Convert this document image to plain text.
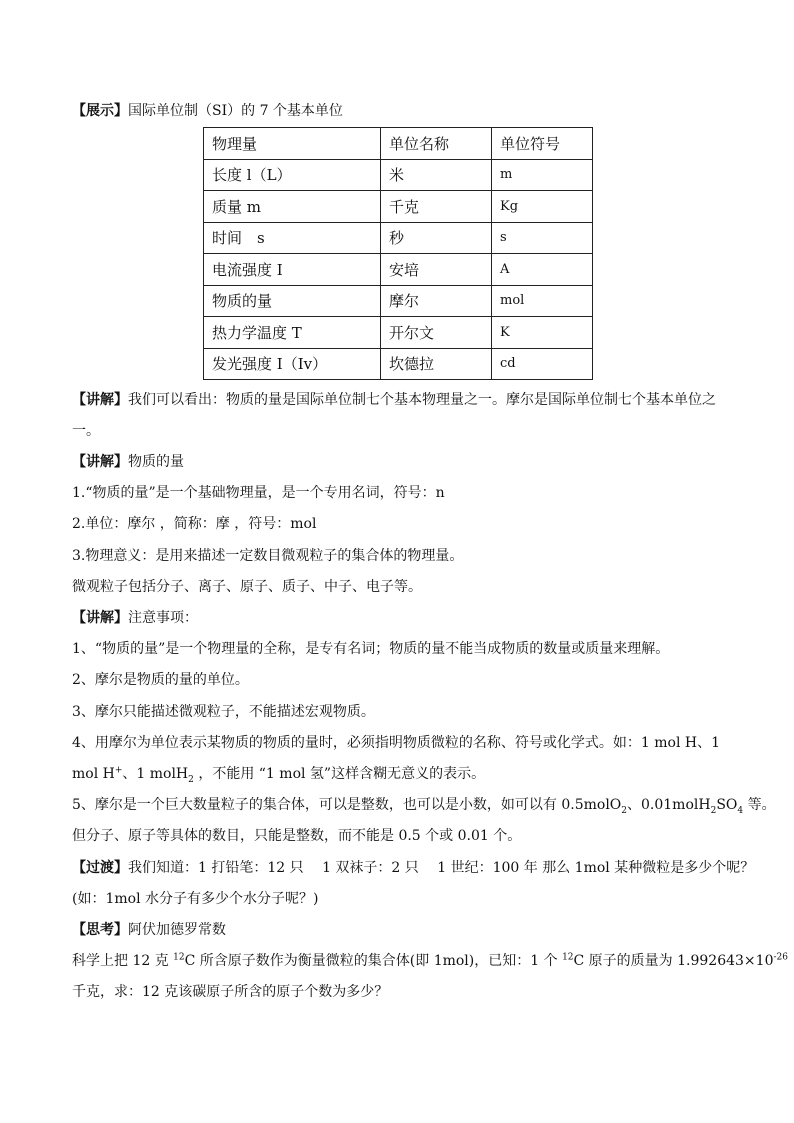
【展示】国际单位制（SI）的 7 个基本单位
物理量	单位名称	单位符号
长度 l（L）	米	m
质量 m	千克	Kg
时间　s	秒	s
电流强度 I	安培	A
物质的量	摩尔	mol
热力学温度 T	开尔文	K
发光强度 I（Iv）	坎德拉	cd
【讲解】我们可以看出：物质的量是国际单位制七个基本物理量之一。摩尔是国际单位制七个基本单位之
一。
【讲解】物质的量
1.“物质的量”是一个基础物理量，是一个专用名词，符号：n
2.单位：摩尔 ，简称：摩 ，符号：mol
3.物理意义：是用来描述一定数目微观粒子的集合体的物理量。
微观粒子包括分子、离子、原子、质子、中子、电子等。
【讲解】注意事项：
1、“物质的量”是一个物理量的全称，是专有名词；物质的量不能当成物质的数量或质量来理解。
2、摩尔是物质的量的单位。
3、摩尔只能描述微观粒子，不能描述宏观物质。
4、用摩尔为单位表示某物质的物质的量时，必须指明物质微粒的名称、符号或化学式。如：1 mol H、1
mol H+、1 molH$_2$ ，不能用 “1 mol 氢”这样含糊无意义的表示。
5、摩尔是一个巨大数量粒子的集合体，可以是整数，也可以是小数，如可以有 0.5molO$_2$、$0.01molH_2SO_4$ 等。
但分子、原子等具体的数目，只能是整数，而不能是 0.5 个或 0.01 个。
【过渡】我们知道：1 打铅笔：12 只　 1 双袜子：2 只　 1 世纪：100 年 那么 1mol 某种微粒是多少个呢？
(如：1mol 水分子有多少个水分子呢？)
【思考】阿伏加德罗常数
科学上把 12 克 $^{12}$C 所含原子数作为衡量微粒的集合体(即 1mol)，已知：1 个 $^{12}$C 原子的质量为 $1.992643\times 10^{-26}$
千克，求：12 克该碳原子所含的原子个数为多少？
